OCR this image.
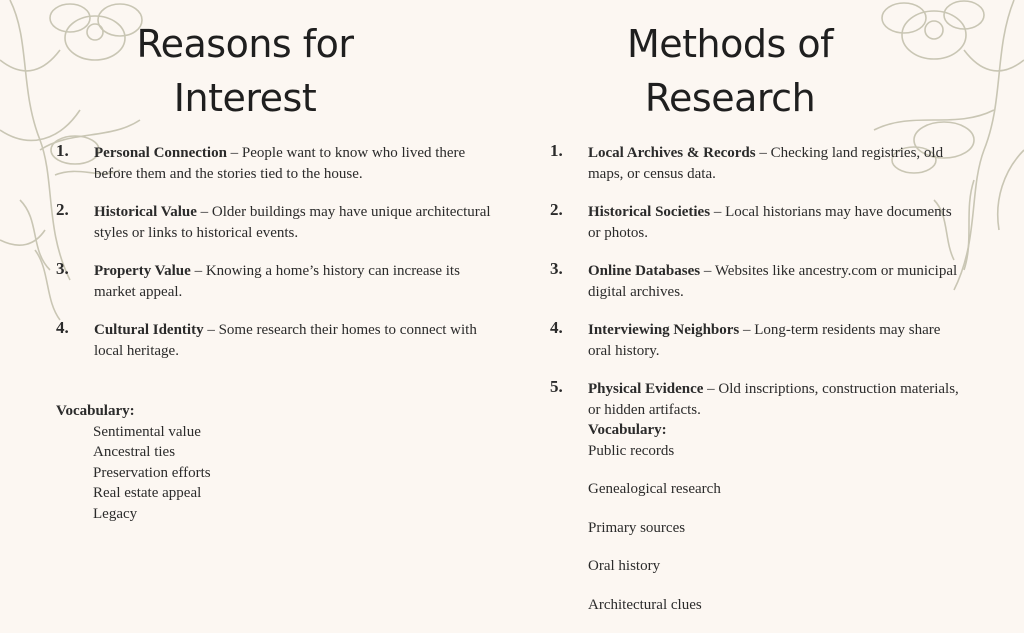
Reasons for
Interest
Methods of
Research
1. Personal Connection – People want to know who lived there before them and the stories tied to the house.
2. Historical Value – Older buildings may have unique architectural styles or links to historical events.
3. Property Value – Knowing a home’s history can increase its market appeal.
4. Cultural Identity – Some research their homes to connect with local heritage.
Vocabulary:
Sentimental value
Ancestral ties
Preservation efforts
Real estate appeal
Legacy
1. Local Archives & Records – Checking land registries, old maps, or census data.
2. Historical Societies – Local historians may have documents or photos.
3. Online Databases – Websites like ancestry.com or municipal digital archives.
4. Interviewing Neighbors – Long-term residents may share oral history.
5. Physical Evidence – Old inscriptions, construction materials, or hidden artifacts.
Vocabulary:
Public records
Genealogical research
Primary sources
Oral history
Architectural clues
